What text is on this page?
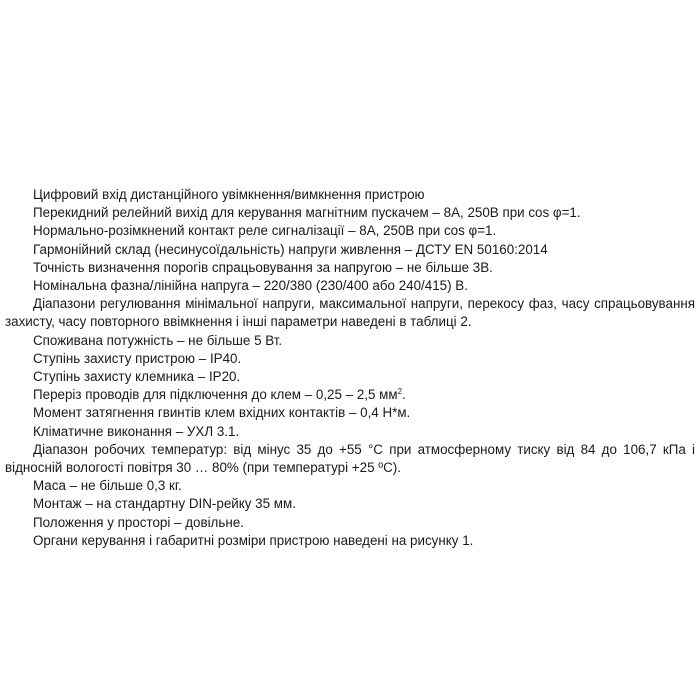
Цифровий вхід дистанційного увімкнення/вимкнення пристрою
Перекидний релейний вихід для керування магнітним пускачем – 8А, 250В при cos φ=1.
Нормально-розімкнений контакт реле сигналізації – 8А, 250В при cos φ=1.
Гармонійний склад (несинусоїдальність) напруги живлення – ДСТУ EN 50160:2014
Точність визначення порогів спрацьовування за напругою – не більше 3В.
Номінальна фазна/лінійна напруга – 220/380 (230/400 або 240/415) В.
Діапазони регулювання мінімальної напруги, максимальної напруги, перекосу фаз, часу спрацьовування захисту, часу повторного ввімкнення і інші параметри наведені в таблиці 2.
Споживана потужність – не більше 5 Вт.
Ступінь захисту пристрою – IP40.
Ступінь захисту клемника – IP20.
Переріз проводів для підключення до клем – 0,25 – 2,5 $мм^2$.
Момент затягнення гвинтів клем вхідних контактів – 0,4 Н*м.
Кліматичне виконання – УХЛ 3.1.
Діапазон робочих температур: від мінус 35 до +55 °С при атмосферному тиску від 84 до 106,7 кПа і відносній вологості повітря 30 … 80% (при температурі +25 ºС).
Маса – не більше 0,3 кг.
Монтаж – на стандартну DIN-рейку 35 мм.
Положення у просторі – довільне.
Органи керування і габаритні розміри пристрою наведені на рисунку 1.
